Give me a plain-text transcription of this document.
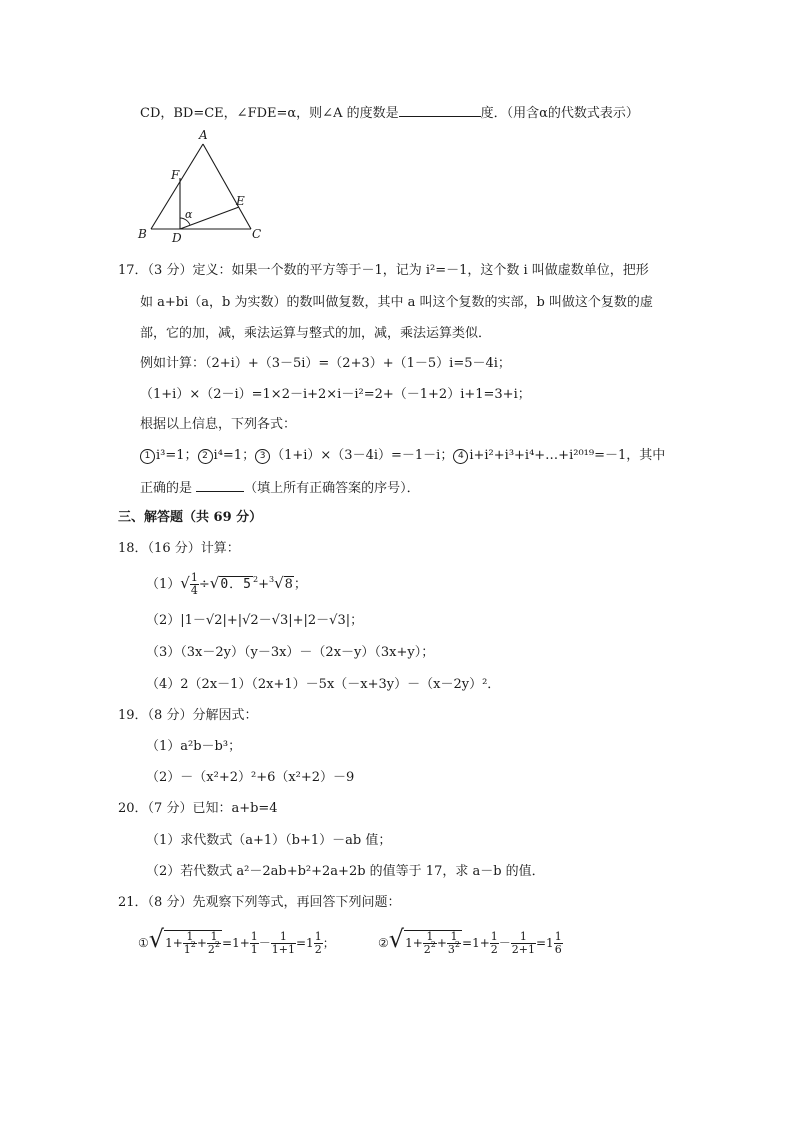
CD，BD=CE，∠FDE=α，则∠A 的度数是	度．（用含α的代数式表示）
A
B	C
D
E
F
α
17．（3 分）定义：如果一个数的平方等于－1，记为 i²=－1，这个数 i 叫做虚数单位，把形
如 a+bi（a，b 为实数）的数叫做复数，其中 a 叫这个复数的实部，b 叫做这个复数的虚
部，它的加，减，乘法运算与整式的加，减，乘法运算类似．
例如计算：（2+i）+（3－5i）=（2+3）+（1－5）i=5－4i；
（1+i）×（2－i）=1×2－i+2×i－i²=2+（－1+2）i+1=3+i；
根据以上信息，下列各式：
1 i³=1； 2 i⁴=1； 3 （1+i）×（3－4i）=－1－i； 4 i+i²+i³+i⁴+…+i²⁰¹⁹=－1，其中
正确的是	（填上所有正确答案的序号）．
三、解答题（共 69 分）
18．（16 分）计算：
$(1)√ \frac{1}{4} \div√0$．$5^2+^3√8$；
（2）|1－√2|+|√2－√3|+|2－√3|；
（3）（3x－2y）（y－3x）－（2x－y）（3x+y）；
（4）2（2x－1）（2x+1）－5x（－x+3y）－（x－2y）²．
19．（8 分）分解因式：
（1）a²b－b³；
（2）－（x²+2）²+6（x²+2）－9
20．（7 分）已知：a+b=4
（1）求代数式（a+1）（b+1）－ab 值；
（2）若代数式 a²－2ab+b²+2a+2b 的值等于 17，求 a－b 的值．
21．（8 分）先观察下列等式，再回答下列问题：
①√1+ $\frac{1}{1^2} + \frac{1}{2^2} =1+ \frac{1}{1} - \frac{1}{1+1} =1 \frac{1}{2}$ ；	②√1+ $\frac{1}{2^2} + \frac{1}{3^2} =1+ \frac{1}{2} - \frac{1}{2+1} =1 \frac{1}{6}$
